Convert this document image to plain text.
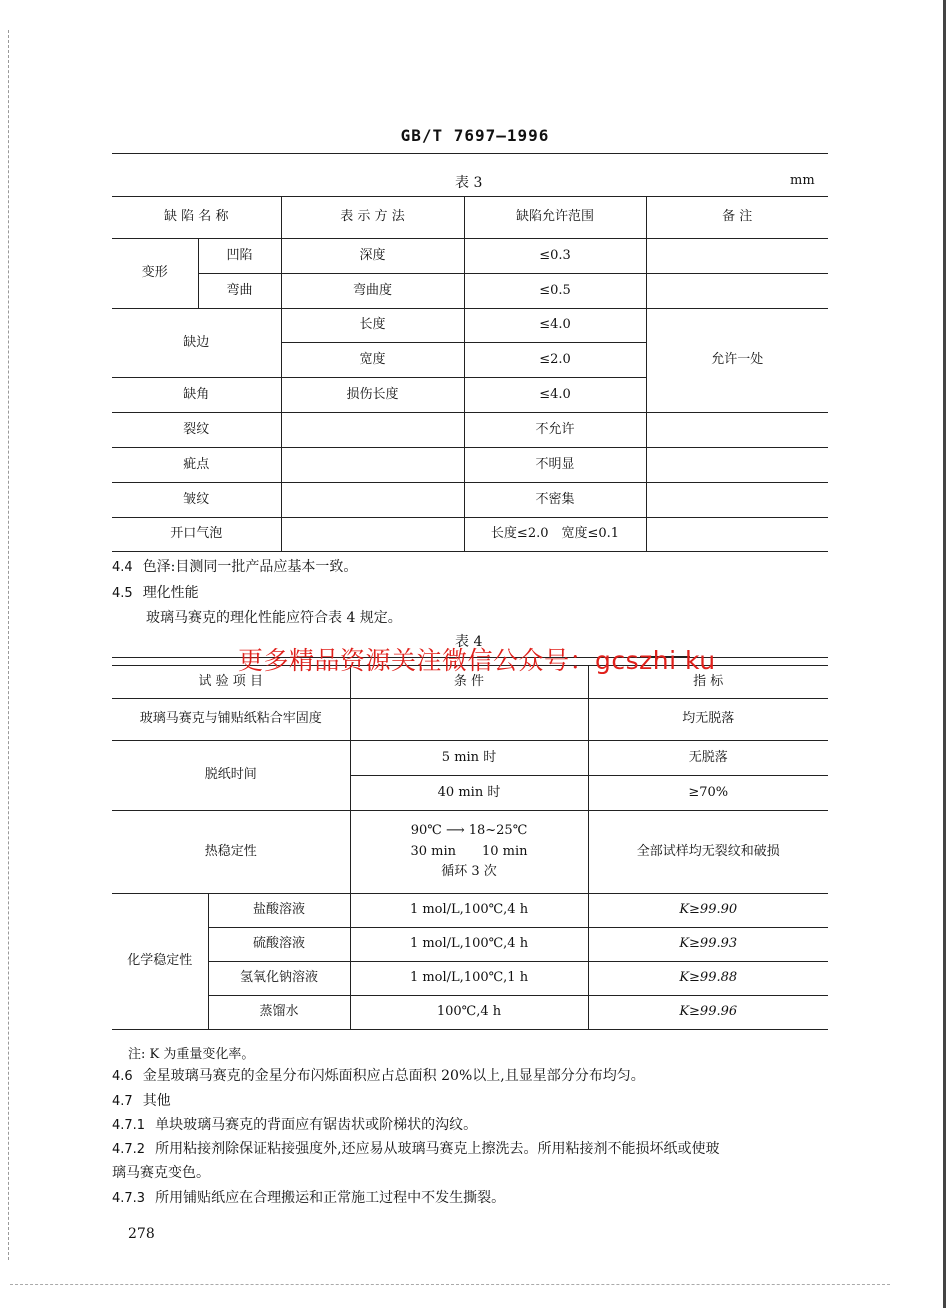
GB/T 7697—1996
表 3	mm
缺 陷 名 称		表 示 方 法	缺陷允许范围	备 注
变形	凹陷	深度	≤0.3	
	弯曲	弯曲度	≤0.5	
缺边		长度	≤4.0	允许一处
		宽度	≤2.0	
缺角		损伤长度	≤4.0	
裂纹			不允许	
疵点			不明显	
皱纹			不密集	
开口气泡			长度≤2.0　宽度≤0.1	
4.4 色泽:目测同一批产品应基本一致。
4.5 理化性能
玻璃马赛克的理化性能应符合表 4 规定。
表 4
试 验 项 目		条 件	指 标
玻璃马赛克与铺贴纸粘合牢固度			均无脱落
脱纸时间		5 min 时	无脱落
		40 min 时	≥70%
热稳定性		90℃ ⟶ 18~25℃
30 min　　10 min
循环 3 次	全部试样均无裂纹和破损
化学稳定性	盐酸溶液	1 mol/L,100℃,4 h	K≥99.90
	硫酸溶液	1 mol/L,100℃,4 h	K≥99.93
	氢氧化钠溶液	1 mol/L,100℃,1 h	K≥99.88
	蒸馏水	100℃,4 h	K≥99.96
更多精品资源关注微信公众号：gcszhi ku
注: K 为重量变化率。
4.6 金星玻璃马赛克的金星分布闪烁面积应占总面积 20%以上,且显星部分分布均匀。
4.7 其他
4.7.1 单块玻璃马赛克的背面应有锯齿状或阶梯状的沟纹。
4.7.2 所用粘接剂除保证粘接强度外,还应易从玻璃马赛克上擦洗去。所用粘接剂不能损坏纸或使玻
璃马赛克变色。
4.7.3 所用铺贴纸应在合理搬运和正常施工过程中不发生撕裂。
278
